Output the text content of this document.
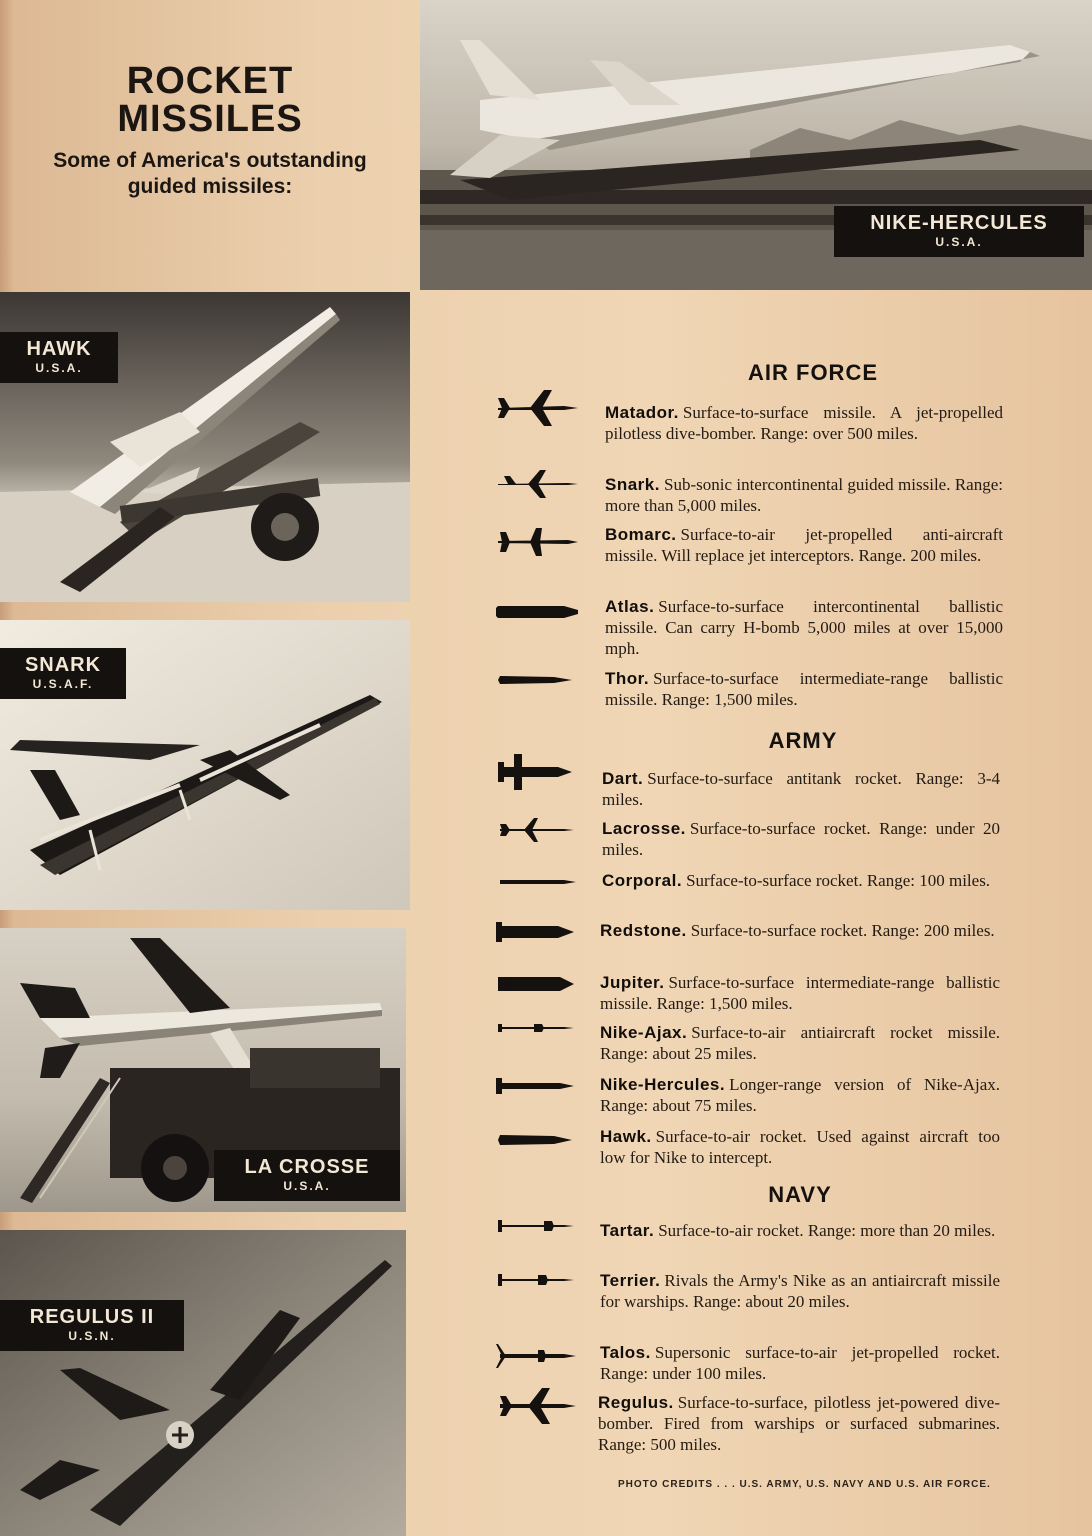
ROCKET
MISSILES
Some of America's outstanding guided missiles:
NIKE-HERCULES
U.S.A.
HAWK
U.S.A.
SNARK
U.S.A.F.
LA CROSSE
U.S.A.
REGULUS II
U.S.N.
AIR FORCE
ARMY
NAVY
Matador. Surface-to-surface missile. A jet-propelled pilotless dive-bomber. Range: over 500 miles.
Snark. Sub-sonic intercontinental guided missile. Range: more than 5,000 miles.
Bomarc. Surface-to-air jet-propelled anti-aircraft missile. Will replace jet interceptors. Range. 200 miles.
Atlas. Surface-to-surface intercontinental ballistic missile. Can carry H-bomb 5,000 miles at over 15,000 mph.
Thor. Surface-to-surface intermediate-range ballistic missile. Range: 1,500 miles.
Dart. Surface-to-surface antitank rocket. Range: 3-4 miles.
Lacrosse. Surface-to-surface rocket. Range: under 20 miles.
Corporal. Surface-to-surface rocket. Range: 100 miles.
Redstone. Surface-to-surface rocket. Range: 200 miles.
Jupiter. Surface-to-surface intermediate-range ballistic missile. Range: 1,500 miles.
Nike-Ajax. Surface-to-air antiaircraft rocket missile. Range: about 25 miles.
Nike-Hercules. Longer-range version of Nike-Ajax. Range: about 75 miles.
Hawk. Surface-to-air rocket. Used against aircraft too low for Nike to intercept.
Tartar. Surface-to-air rocket. Range: more than 20 miles.
Terrier. Rivals the Army's Nike as an antiaircraft missile for warships. Range: about 20 miles.
Talos. Supersonic surface-to-air jet-propelled rocket. Range: under 100 miles.
Regulus. Surface-to-surface, pilotless jet-powered dive-bomber. Fired from warships or surfaced submarines. Range: 500 miles.
PHOTO CREDITS . . . U.S. ARMY, U.S. NAVY AND U.S. AIR FORCE.
